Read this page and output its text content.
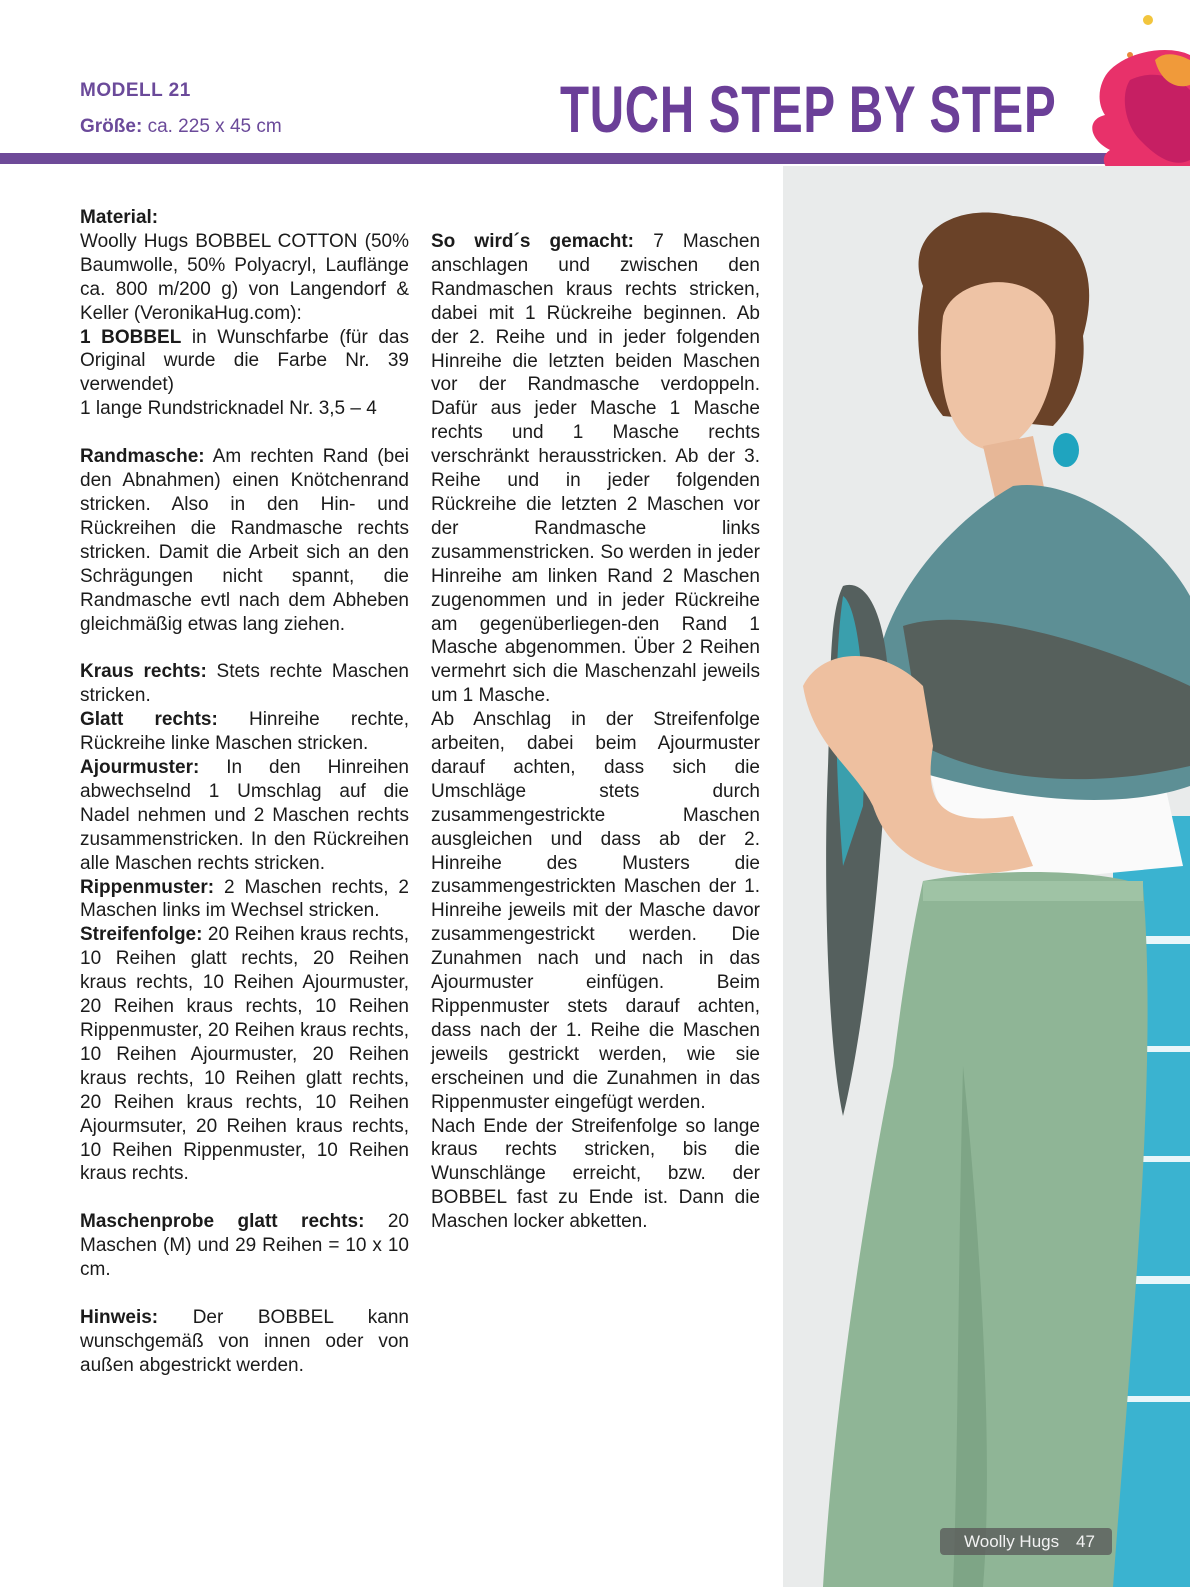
MODELL 21
Größe: ca. 225 x 45 cm	TUCH STEP BY STEP

Material:

Woolly Hugs BOBBEL COTTON (50% Baumwolle, 50% Polyacryl, Lauflänge ca. 800 m/200 g) von Langendorf & Keller (VeronikaHug.com):

1 BOBBEL in Wunschfarbe (für das Original wurde die Farbe Nr. 39 verwendet)

1 lange Rundstricknadel Nr. 3,5 – 4

Randmasche: Am rechten Rand (bei den Abnahmen) einen Knötchenrand stricken. Also in den Hin- und Rückreihen die Randmasche rechts stricken. Damit die Arbeit sich an den Schrägungen nicht spannt, die Randmasche evtl nach dem Abheben gleichmäßig etwas lang ziehen.

Kraus rechts: Stets rechte Maschen stricken.

Glatt rechts: Hinreihe rechte, Rückreihe linke Maschen stricken.

Ajourmuster: In den Hinreihen abwechselnd 1 Umschlag auf die Nadel nehmen und 2 Maschen rechts zusammenstricken. In den Rückreihen alle Maschen rechts stricken.

Rippenmuster: 2 Maschen rechts, 2 Maschen links im Wechsel stricken.

Streifenfolge: 20 Reihen kraus rechts, 10 Reihen glatt rechts, 20 Reihen kraus rechts, 10 Reihen Ajourmuster, 20 Reihen kraus rechts, 10 Reihen Rippenmuster, 20 Reihen kraus rechts, 10 Reihen Ajourmuster, 20 Reihen kraus rechts, 10 Reihen glatt rechts, 20 Reihen kraus rechts, 10 Reihen Ajourmsuter, 20 Reihen kraus rechts, 10 Reihen Rippenmuster, 10 Reihen kraus rechts.

Maschenprobe glatt rechts: 20 Maschen (M) und 29 Reihen = 10 x 10 cm.

Hinweis: Der BOBBEL kann wunschgemäß von innen oder von außen abgestrickt werden.

So wird´s gemacht: 7 Maschen anschlagen und zwischen den Randmaschen kraus rechts stricken, dabei mit 1 Rückreihe beginnen. Ab der 2. Reihe und in jeder folgenden Hinreihe die letzten beiden Maschen vor der Randmasche verdoppeln. Dafür aus jeder Masche 1 Masche rechts und 1 Masche rechts verschränkt herausstricken. Ab der 3. Reihe und in jeder folgenden Rückreihe die letzten 2 Maschen vor der Randmasche links zusammenstricken. So werden in jeder Hinreihe am linken Rand 2 Maschen zugenommen und in jeder Rückreihe am gegenüberliegen-den Rand 1 Masche abgenommen. Über 2 Reihen vermehrt sich die Maschenzahl jeweils um 1 Masche.

Ab Anschlag in der Streifenfolge arbeiten, dabei beim Ajourmuster darauf achten, dass sich die Umschläge stets durch zusammengestrickte Maschen ausgleichen und dass ab der 2. Hinreihe des Musters die zusammengestrickten Maschen der 1. Hinreihe jeweils mit der Masche davor zusammengestrickt werden. Die Zunahmen nach und nach in das Ajourmuster einfügen. Beim Rippenmuster stets darauf achten, dass nach der 1. Reihe die Maschen jeweils gestrickt werden, wie sie erscheinen und die Zunahmen in das Rippenmuster eingefügt werden.

Nach Ende der Streifenfolge so lange kraus rechts stricken, bis die Wunschlänge erreicht, bzw. der BOBBEL fast zu Ende ist. Dann die Maschen locker abketten.

Woolly Hugs 47
